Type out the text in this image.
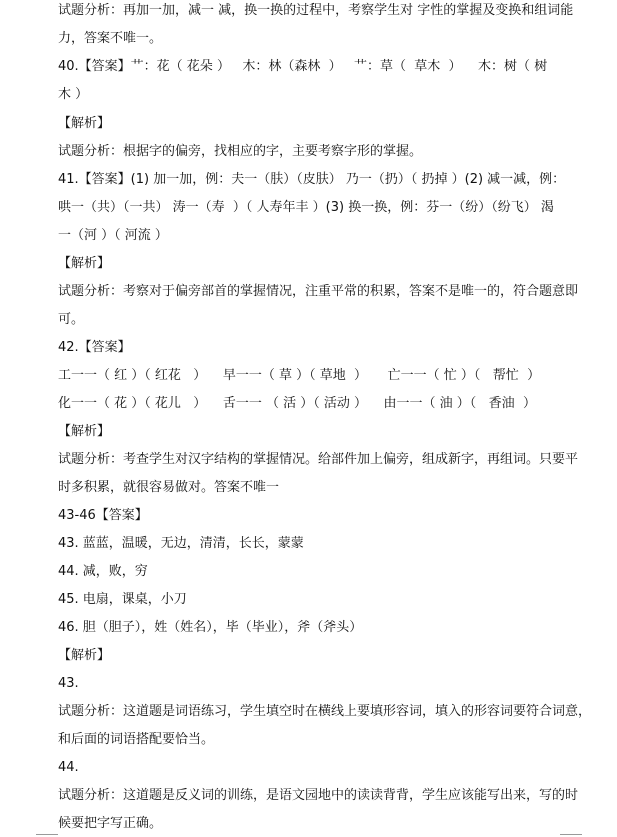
试题分析：再加一加，减一 减，换一换的过程中，考察学生对 字性的掌握及变换和组词能
力，答案不唯一。
40.【答案】艹：花（ 花朵 ）   木：林（森林  ）   艹：草（  草木  ）    木：树（ 树
木 ）
【解析】
试题分析：根据字的偏旁，找相应的字，主要考察字形的掌握。
41.【答案】(1) 加一加，例：夫一（肤）（皮肤） 乃一（扔）（ 扔掉 ）(2) 减一减，例：
哄一（共）（一共） 涛一（寿  ）（ 人寿年丰 ）(3) 换一换，例：芬一（纷）（纷飞） 渴
一（河 ）（ 河流 ）
【解析】
试题分析：考察对于偏旁部首的掌握情况，注重平常的积累，答案不是唯一的，符合题意即
可。
42.【答案】
工一一（ 红 ）（ 红花   ）    早一一（ 草 ）（ 草地  ）     亡一一（ 忙 ）（   帮忙  ）
化一一（ 花 ）（ 花儿   ）    舌一一 （ 活 ）（ 活动 ）    由一一（ 油 ）（   香油  ）
【解析】
试题分析：考查学生对汉字结构的掌握情况。给部件加上偏旁，组成新字，再组词。只要平
时多积累，就很容易做对。答案不唯一
43-46【答案】
43. 蓝蓝，温暖，无边，清清，长长，蒙蒙
44. 减，败，穷
45. 电扇，课桌，小刀
46. 胆（胆子），姓（姓名），毕（毕业），斧（斧头）
【解析】
43.
试题分析：这道题是词语练习，学生填空时在横线上要填形容词，填入的形容词要符合词意，
和后面的词语搭配要恰当。
44.
试题分析：这道题是反义词的训练，是语文园地中的读读背背，学生应该能写出来，写的时
候要把字写正确。
